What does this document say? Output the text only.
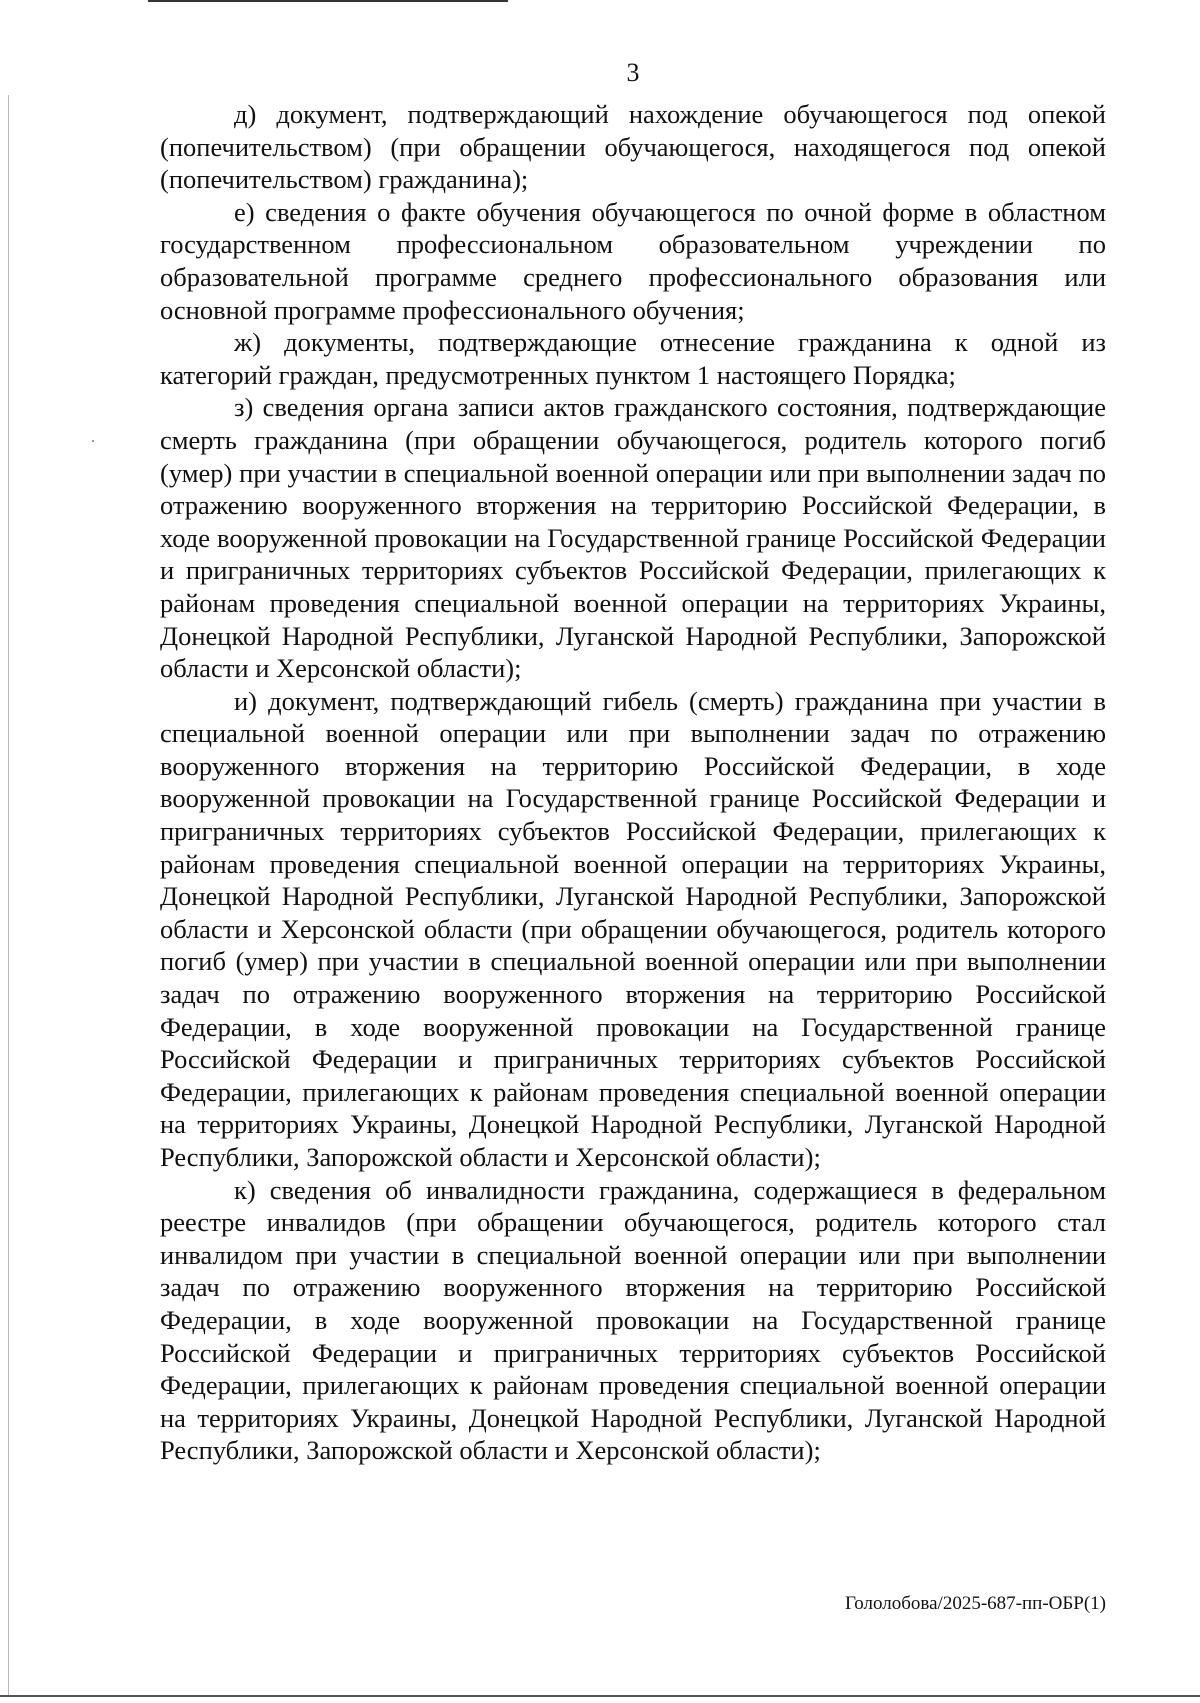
3

д) документ, подтверждающий нахождение обучающегося под опекой (попечительством) (при обращении обучающегося, находящегося под опекой (попечительством) гражданина);

е) сведения о факте обучения обучающегося по очной форме в областном государственном профессиональном образовательном учреждении по образовательной программе среднего профессионального образования или основной программе профессионального обучения;

ж) документы, подтверждающие отнесение гражданина к одной из категорий граждан, предусмотренных пунктом 1 настоящего Порядка;

з) сведения органа записи актов гражданского состояния, подтверждающие смерть гражданина (при обращении обучающегося, родитель которого погиб (умер) при участии в специальной военной операции или при выполнении задач по отражению вооруженного вторжения на территорию Российской Федерации, в ходе вооруженной провокации на Государственной границе Российской Федерации и приграничных территориях субъектов Российской Федерации, прилегающих к районам проведения специальной военной операции на территориях Украины, Донецкой Народной Республики, Луганской Народной Республики, Запорожской области и Херсонской области);

и) документ, подтверждающий гибель (смерть) гражданина при участии в специальной военной операции или при выполнении задач по отражению вооруженного вторжения на территорию Российской Федерации, в ходе вооруженной провокации на Государственной границе Российской Федерации и приграничных территориях субъектов Российской Федерации, прилегающих к районам проведения специальной военной операции на территориях Украины, Донецкой Народной Республики, Луганской Народной Республики, Запорожской области и Херсонской области (при обращении обучающегося, родитель которого погиб (умер) при участии в специальной военной операции или при выполнении задач по отражению вооруженного вторжения на территорию Российской Федерации, в ходе вооруженной провокации на Государственной границе Российской Федерации и приграничных территориях субъектов Российской Федерации, прилегающих к районам проведения специальной военной операции на территориях Украины, Донецкой Народной Республики, Луганской Народной Республики, Запорожской области и Херсонской области);

к) сведения об инвалидности гражданина, содержащиеся в федеральном реестре инвалидов (при обращении обучающегося, родитель которого стал инвалидом при участии в специальной военной операции или при выполнении задач по отражению вооруженного вторжения на территорию Российской Федерации, в ходе вооруженной провокации на Государственной границе Российской Федерации и приграничных территориях субъектов Российской Федерации, прилегающих к районам проведения специальной военной операции на территориях Украины, Донецкой Народной Республики, Луганской Народной Республики, Запорожской области и Херсонской области);

Гололобова/2025-687-пп-ОБР(1)
